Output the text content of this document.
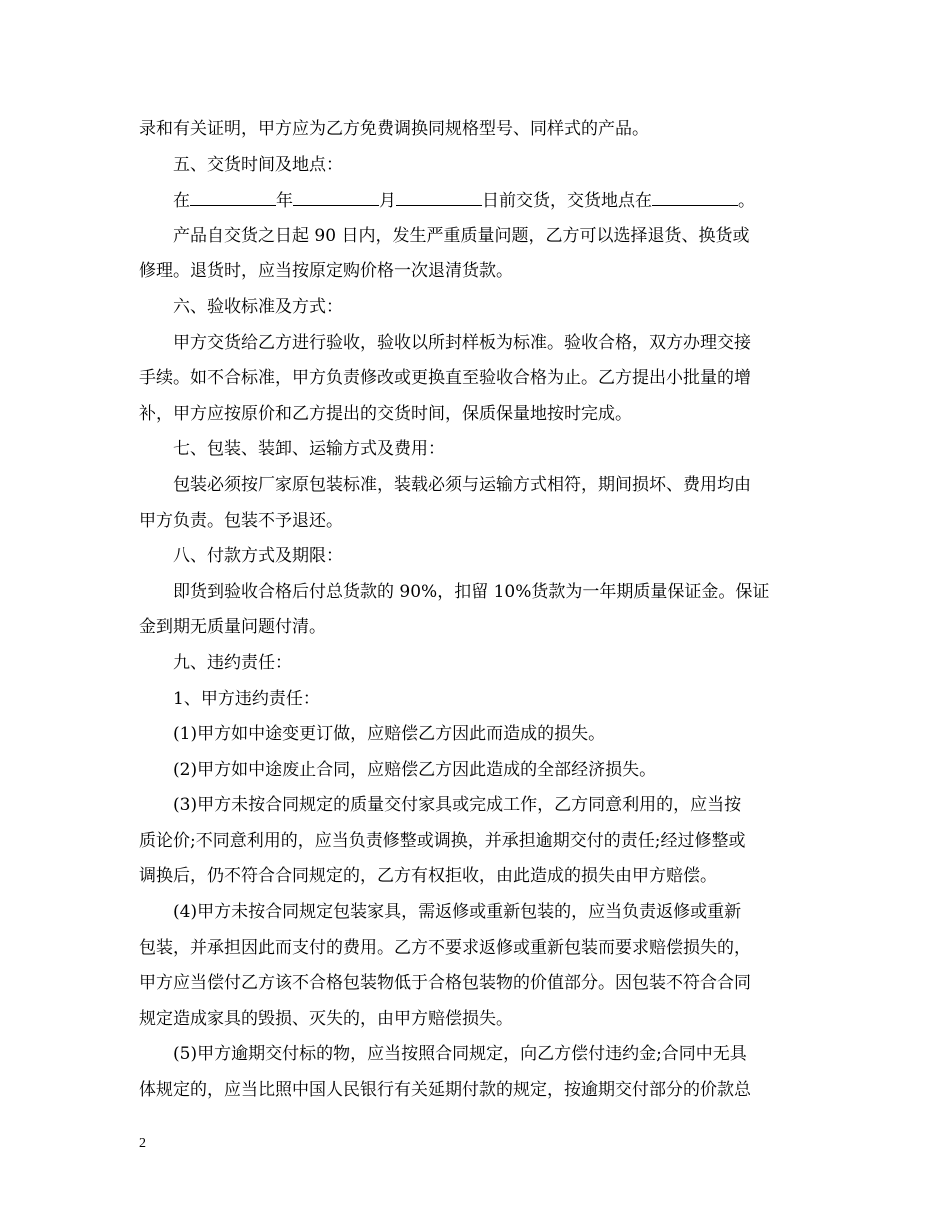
录和有关证明，甲方应为乙方免费调换同规格型号、同样式的产品。
五、交货时间及地点：
在	年	月	日前交货，交货地点在	。
产品自交货之日起 90 日内，发生严重质量问题，乙方可以选择退货、换货或
修理。退货时，应当按原定购价格一次退清货款。
六、验收标准及方式：
甲方交货给乙方进行验收，验收以所封样板为标准。验收合格，双方办理交接
手续。如不合标准，甲方负责修改或更换直至验收合格为止。乙方提出小批量的增
补，甲方应按原价和乙方提出的交货时间，保质保量地按时完成。
七、包装、装卸、运输方式及费用：
包装必须按厂家原包装标准，装载必须与运输方式相符，期间损坏、费用均由
甲方负责。包装不予退还。
八、付款方式及期限：
即货到验收合格后付总货款的 90%，扣留 10%货款为一年期质量保证金。保证
金到期无质量问题付清。
九、违约责任：
1、甲方违约责任：
(1)甲方如中途变更订做，应赔偿乙方因此而造成的损失。
(2)甲方如中途废止合同，应赔偿乙方因此造成的全部经济损失。
(3)甲方未按合同规定的质量交付家具或完成工作，乙方同意利用的，应当按
质论价;不同意利用的，应当负责修整或调换，并承担逾期交付的责任;经过修整或
调换后，仍不符合合同规定的，乙方有权拒收，由此造成的损失由甲方赔偿。
(4)甲方未按合同规定包装家具，需返修或重新包装的，应当负责返修或重新
包装，并承担因此而支付的费用。乙方不要求返修或重新包装而要求赔偿损失的，
甲方应当偿付乙方该不合格包装物低于合格包装物的价值部分。因包装不符合合同
规定造成家具的毁损、灭失的，由甲方赔偿损失。
(5)甲方逾期交付标的物，应当按照合同规定，向乙方偿付违约金;合同中无具
体规定的，应当比照中国人民银行有关延期付款的规定，按逾期交付部分的价款总
2
